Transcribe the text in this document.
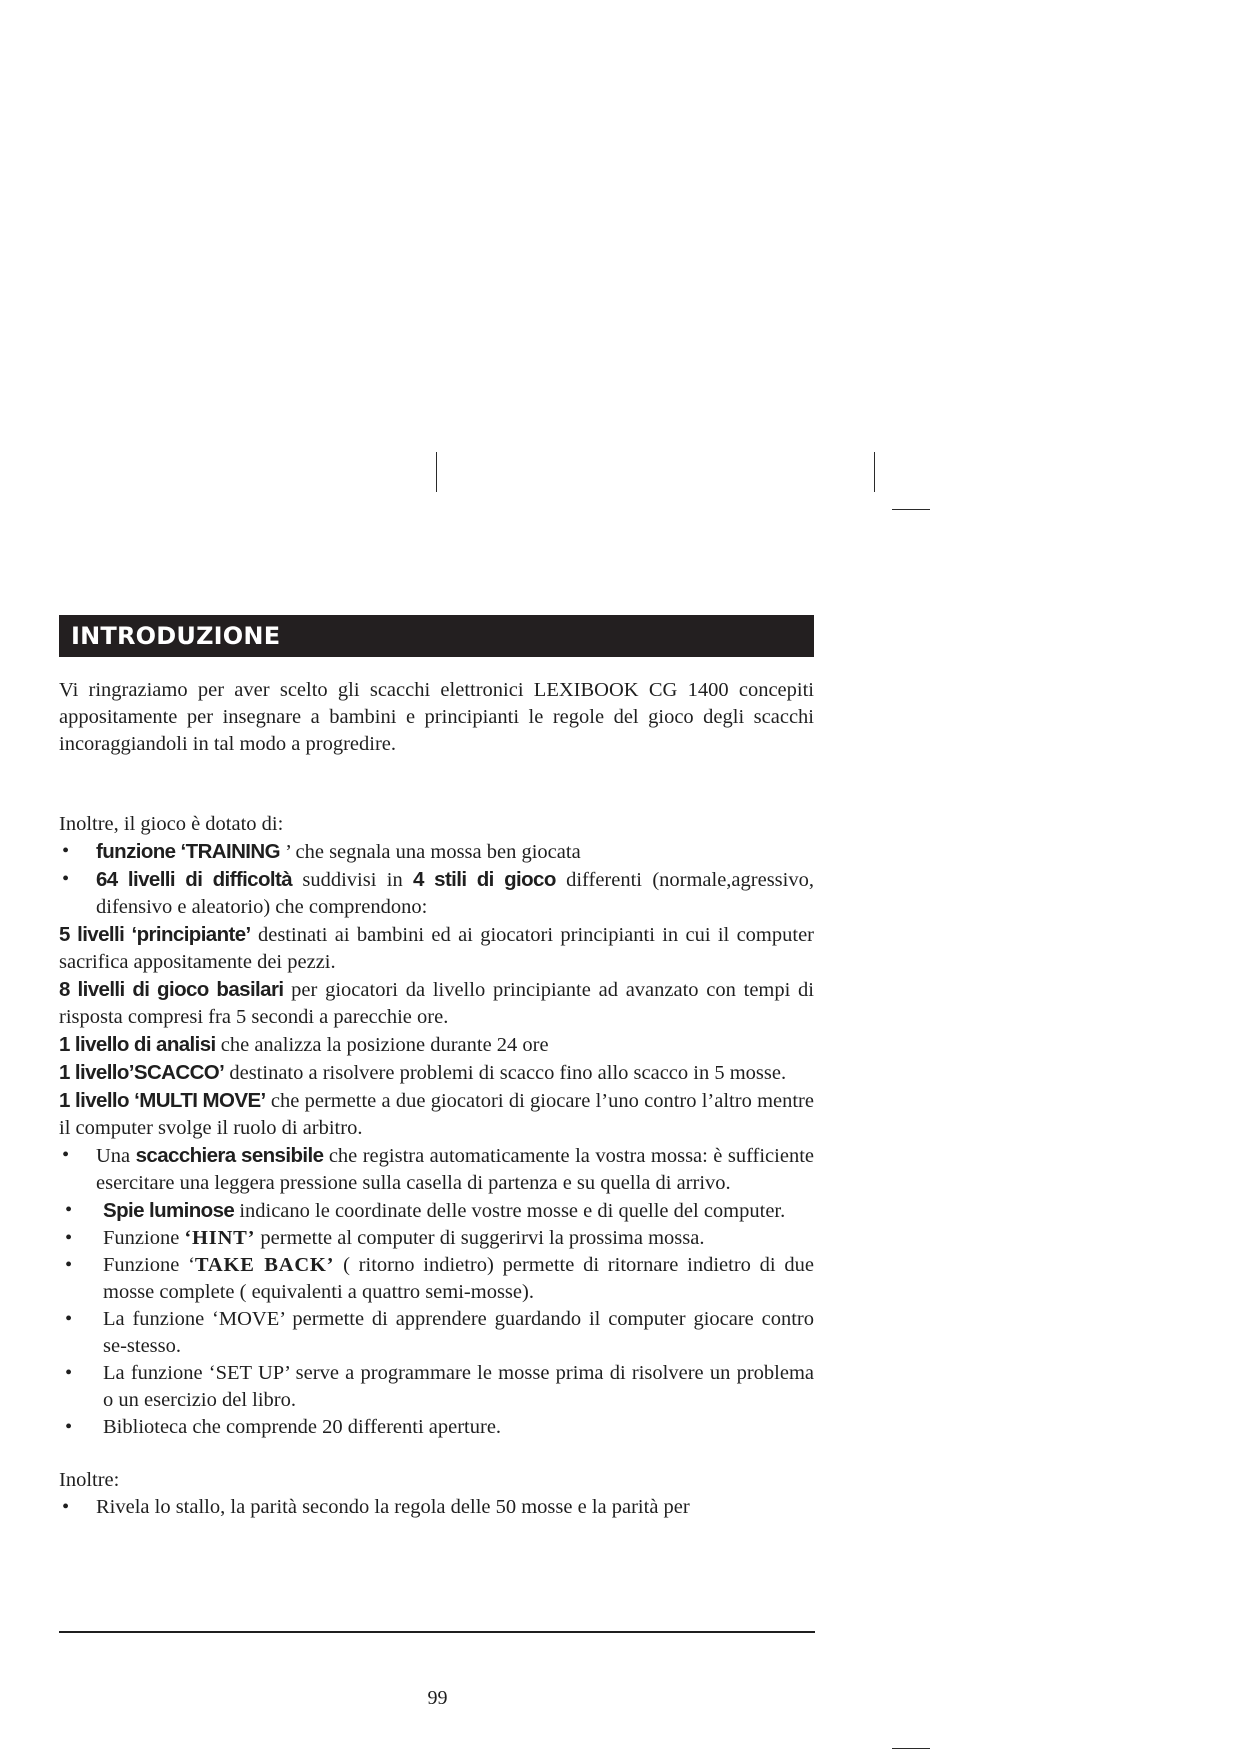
INTRODUZIONE

Vi ringraziamo per aver scelto gli scacchi elettronici LEXIBOOK CG 1400 concepiti appositamente per insegnare a bambini e principianti le regole del gioco degli scacchi incoraggiandoli in tal modo a progredire.

Inoltre, il gioco è dotato di:
• funzione ‘TRAINING ’ che segnala una mossa ben giocata
• 64 livelli di difficoltà suddivisi in 4 stili di gioco differenti (normale,agressivo, difensivo e aleatorio) che comprendono:
5 livelli ‘principiante’ destinati ai bambini ed ai giocatori principianti in cui il computer sacrifica appositamente dei pezzi.
8 livelli di gioco basilari per giocatori da livello principiante ad avanzato con tempi di risposta compresi fra 5 secondi a parecchie ore.
1 livello di analisi che analizza la posizione durante 24 ore
1 livello’SCACCO’ destinato a risolvere problemi di scacco fino allo scacco in 5 mosse.
1 livello ‘MULTI MOVE’ che permette a due giocatori di giocare l’uno contro l’altro mentre il computer svolge il ruolo di arbitro.
• Una scacchiera sensibile che registra automaticamente la vostra mossa: è sufficiente esercitare una leggera pressione sulla casella di partenza e su quella di arrivo.
• Spie luminose indicano le coordinate delle vostre mosse e di quelle del computer.
• Funzione ‘HINT’ permette al computer di suggerirvi la prossima mossa.
• Funzione ‘TAKE BACK’ ( ritorno indietro) permette di ritornare indietro di due mosse complete ( equivalenti a quattro semi-mosse).
• La funzione ‘MOVE’ permette di apprendere guardando il computer giocare contro se-stesso.
• La funzione ‘SET UP’ serve a programmare le mosse prima di risolvere un problema o un esercizio del libro.
• Biblioteca che comprende 20 differenti aperture.
Inoltre:
• Rivela lo stallo, la parità secondo la regola delle 50 mosse e la parità per
99
